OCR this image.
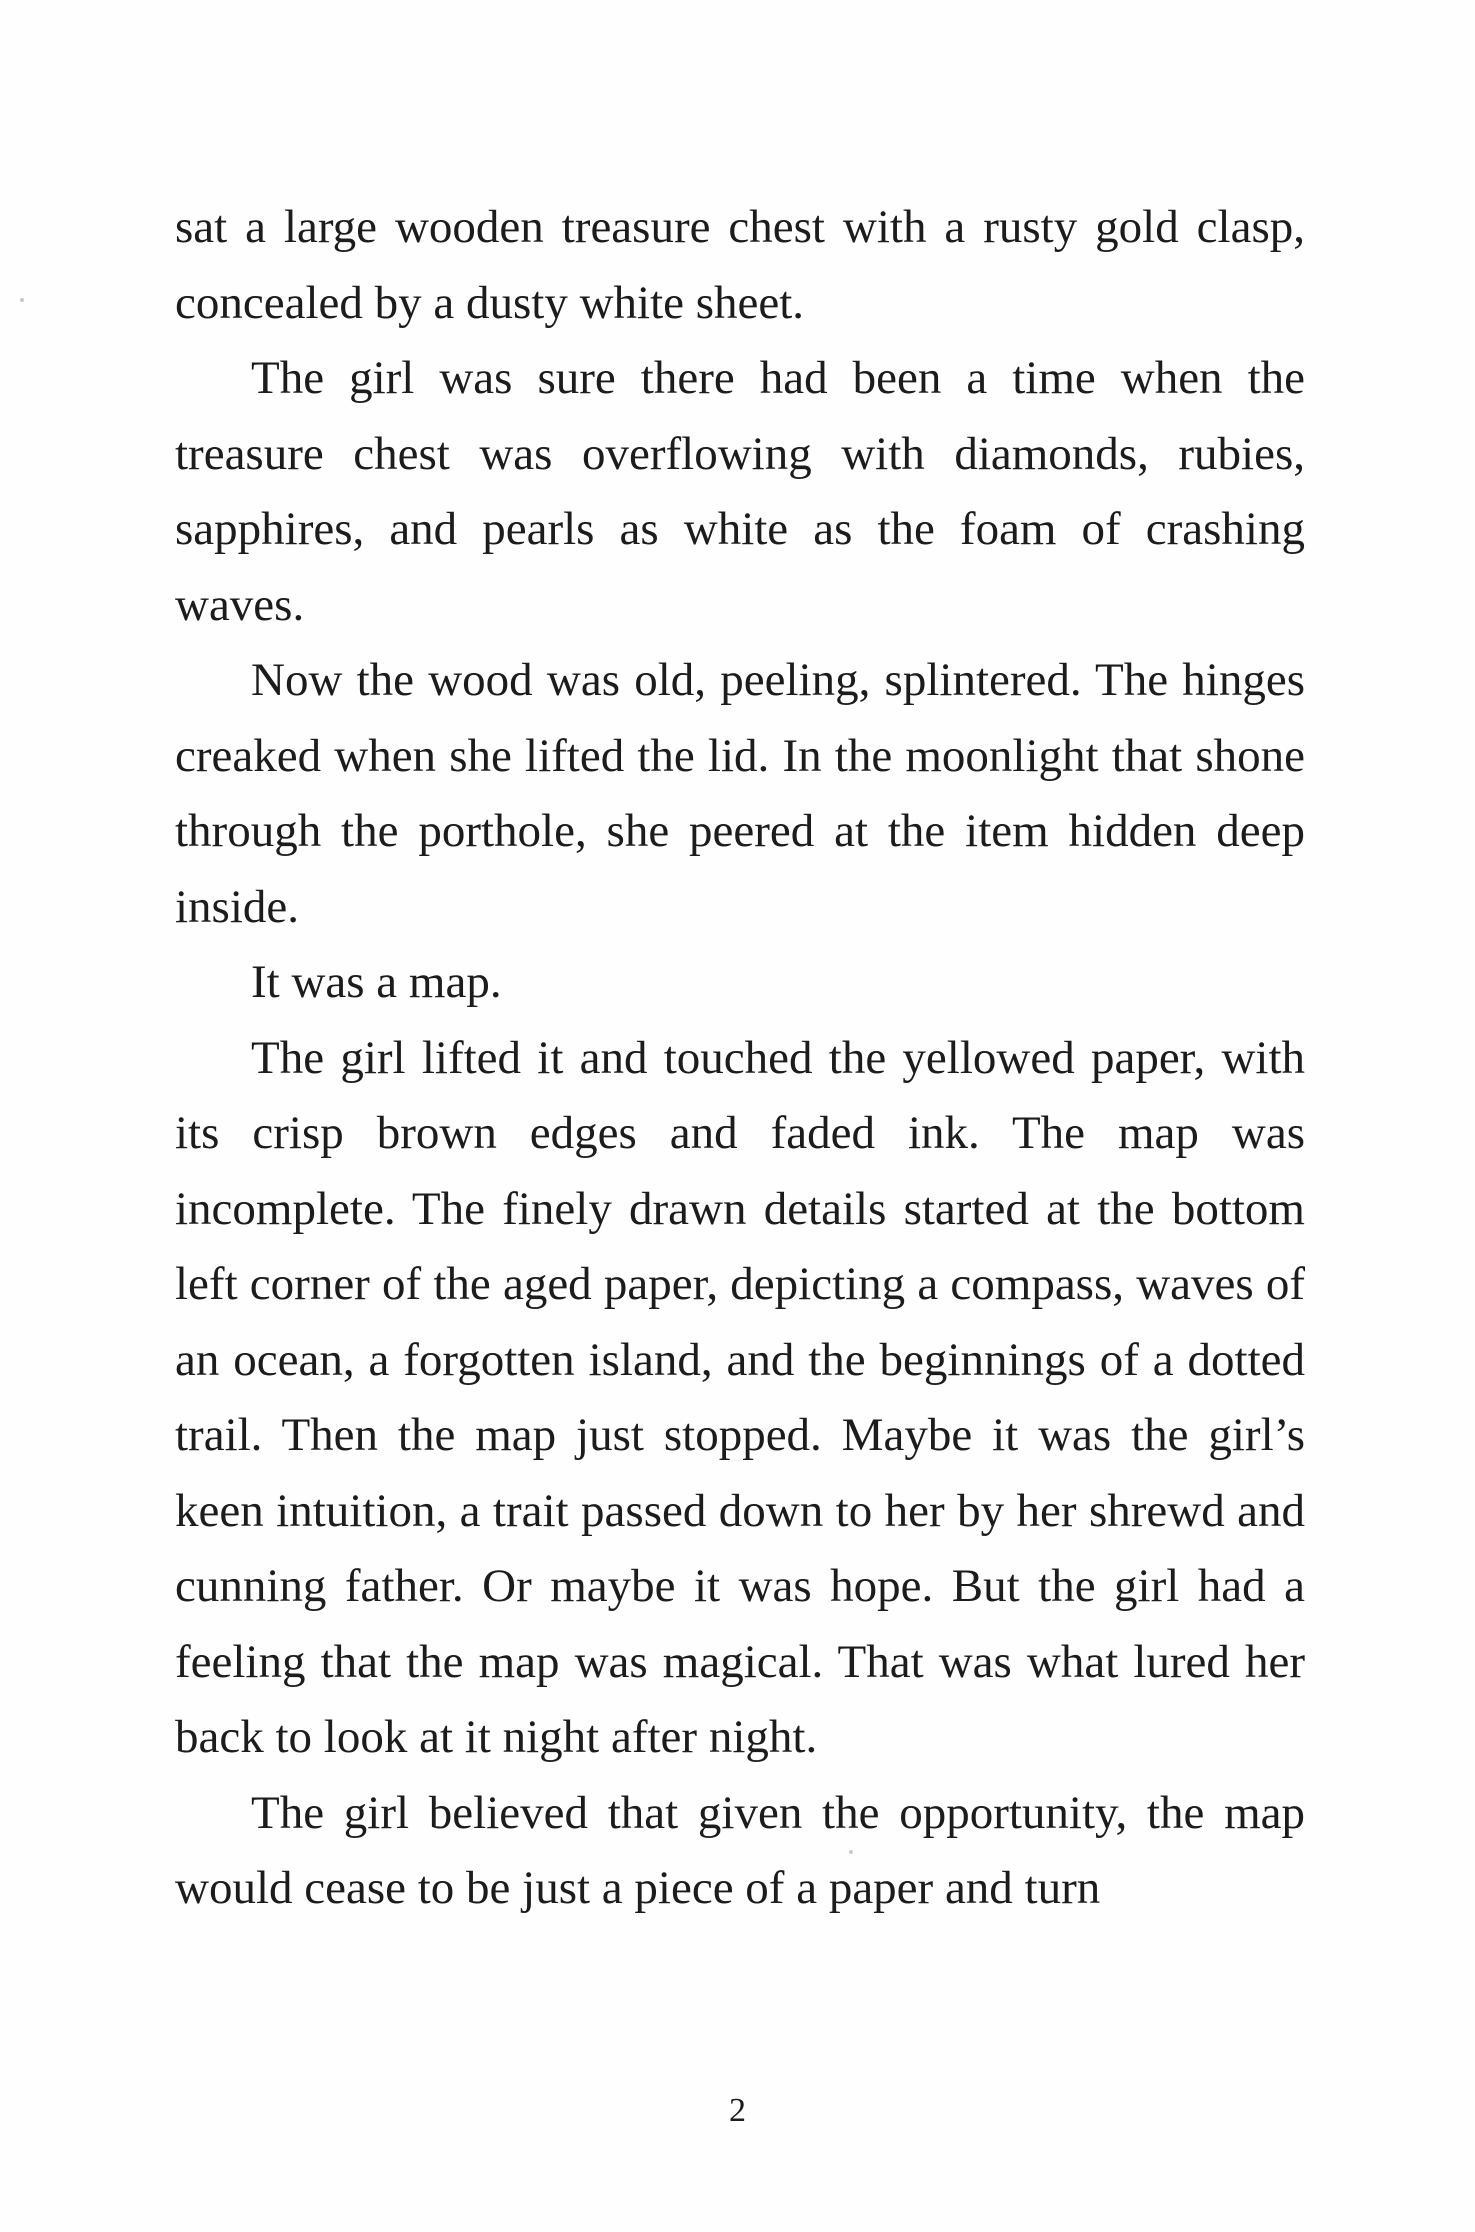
sat a large wooden treasure chest with a rusty gold clasp, concealed by a dusty white sheet.

The girl was sure there had been a time when the treasure chest was overflowing with diamonds, rubies, sapphires, and pearls as white as the foam of crashing waves.

Now the wood was old, peeling, splintered. The hinges creaked when she lifted the lid. In the moonlight that shone through the porthole, she peered at the item hidden deep inside.

It was a map.

The girl lifted it and touched the yellowed paper, with its crisp brown edges and faded ink. The map was incomplete. The finely drawn details started at the bottom left corner of the aged paper, depicting a compass, waves of an ocean, a forgotten island, and the beginnings of a dotted trail. Then the map just stopped. Maybe it was the girl’s keen intuition, a trait passed down to her by her shrewd and cunning father. Or maybe it was hope. But the girl had a feeling that the map was magical. That was what lured her back to look at it night after night.

The girl believed that given the opportunity, the map would cease to be just a piece of a paper and turn

2
